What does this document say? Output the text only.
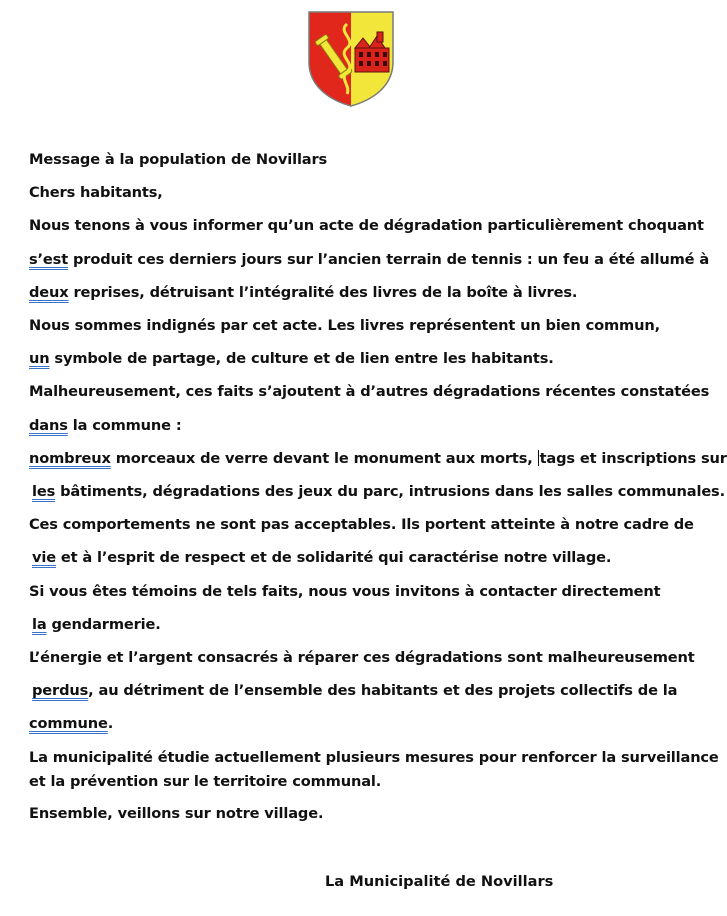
Message à la population de Novillars
Chers habitants,
Nous tenons à vous informer qu’un acte de dégradation particulièrement choquant
s’est produit ces derniers jours sur l’ancien terrain de tennis : un feu a été allumé à
deux reprises, détruisant l’intégralité des livres de la boîte à livres.
Nous sommes indignés par cet acte. Les livres représentent un bien commun,
un symbole de partage, de culture et de lien entre les habitants.
Malheureusement, ces faits s’ajoutent à d’autres dégradations récentes constatées
dans la commune :
nombreux morceaux de verre devant le monument aux morts, tags et inscriptions sur
les bâtiments, dégradations des jeux du parc, intrusions dans les salles communales.
Ces comportements ne sont pas acceptables. Ils portent atteinte à notre cadre de
vie et à l’esprit de respect et de solidarité qui caractérise notre village.
Si vous êtes témoins de tels faits, nous vous invitons à contacter directement
la gendarmerie.
L’énergie et l’argent consacrés à réparer ces dégradations sont malheureusement
perdus, au détriment de l’ensemble des habitants et des projets collectifs de la
commune.
La municipalité étudie actuellement plusieurs mesures pour renforcer la surveillance
et la prévention sur le territoire communal.
Ensemble, veillons sur notre village.
La Municipalité de Novillars
